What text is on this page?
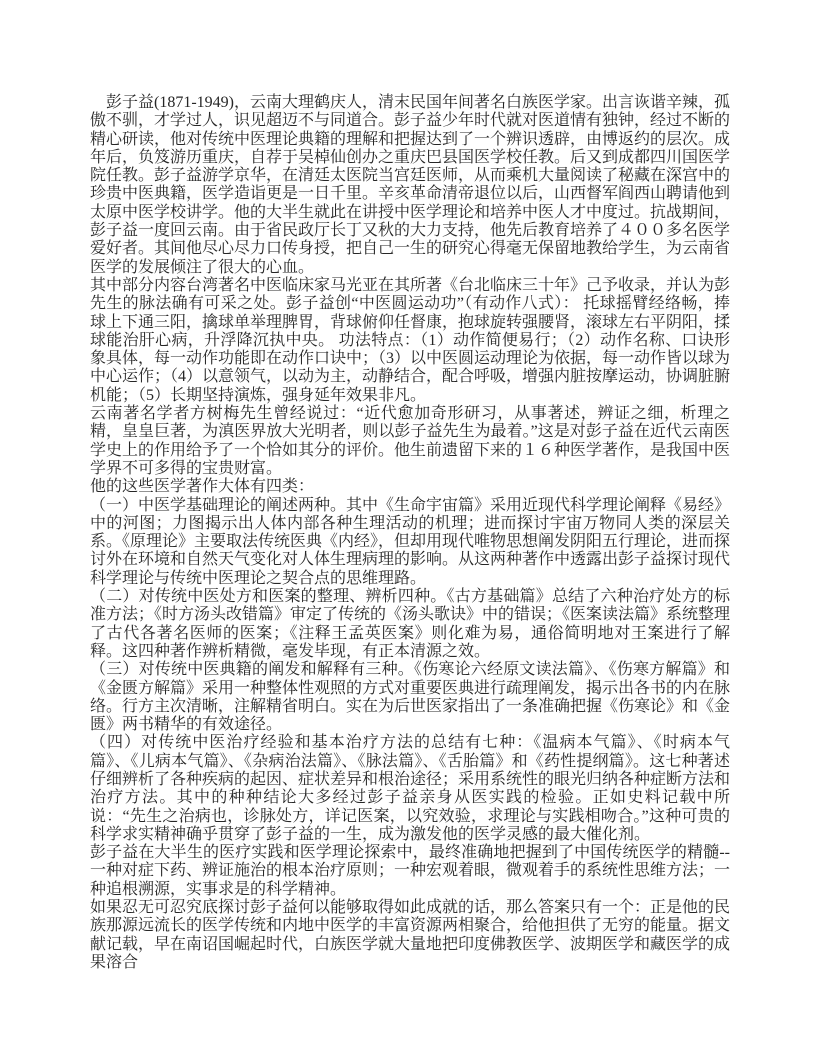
　彭子益(1871-1949)，云南大理鹤庆人，清末民国年间著名白族医学家。出言诙谐辛辣，孤傲不驯，才学过人，识见超迈不与同道合。彭子益少年时代就对医道情有独钟，经过不断的精心研读，他对传统中医理论典籍的理解和把握达到了一个辨识透辟，由博返约的层次。成年后，负笈游历重庆，自荐于吴棹仙创办之重庆巴县国医学校任教。后又到成都四川国医学院任教。彭子益游学京华，在清廷太医院当宫廷医师，从而乘机大量阅读了秘藏在深宫中的珍贵中医典籍，医学造诣更是一日千里。辛亥革命清帝退位以后，山西督军阎西山聘请他到太原中医学校讲学。他的大半生就此在讲授中医学理论和培养中医人才中度过。抗战期间，彭子益一度回云南。由于省民政厅长丁又秋的大力支持，他先后教育培养了４００多名医学爱好者。其间他尽心尽力口传身授，把自己一生的研究心得毫无保留地教给学生，为云南省医学的发展倾注了很大的心血。

其中部分内容台湾著名中医临床家马光亚在其所著《台北临床三十年》己予收录，并认为彭先生的脉法确有可采之处。彭子益创“中医圆运动功”（有动作八式）： 托球摇臂经络畅，捧球上下通三阳，擒球单举理脾胃，背球俯仰任督康，抱球旋转强腰肾，滚球左右平阴阳，揉球能治肝心病，升浮降沉执中央。 功法特点：（1）动作简便易行；（2）动作名称、口诀形象具体，每一动作功能即在动作口诀中；（3）以中医圆运动理论为依据，每一动作皆以球为中心运作；（4）以意领气，以动为主，动静结合，配合呼吸，增强内脏按摩运动，协调脏腑机能；（5）长期坚持演炼，强身延年效果非凡。

云南著名学者方树梅先生曾经说过：“近代愈加奇形研习，从事著述，辨证之细，析理之精，皇皇巨著，为滇医界放大光明者，则以彭子益先生为最着。”这是对彭子益在近代云南医学史上的作用给予了一个恰如其分的评价。他生前遗留下来的１６种医学著作，是我国中医学界不可多得的宝贵财富。

他的这些医学著作大体有四类：

（一）中医学基础理论的阐述两种。其中《生命宇宙篇》采用近现代科学理论阐释《易经》中的河图；力图揭示出人体内部各种生理活动的机理；进而探讨宇宙万物同人类的深层关系。《原理论》主要取法传统医典《内经》，但却用现代唯物思想阐发阴阳五行理论，进而探讨外在环境和自然天气变化对人体生理病理的影响。从这两种著作中透露出彭子益探讨现代科学理论与传统中医理论之契合点的思维理路。

（二）对传统中医处方和医案的整理、辨析四种。《古方基础篇》总结了六种治疗处方的标准方法；《时方汤头改错篇》审定了传统的《汤头歌诀》中的错误；《医案读法篇》系统整理了古代各著名医师的医案；《注释王孟英医案》则化难为易，通俗简明地对王案进行了解释。这四种著作辨析精微，毫发毕现，有正本清源之效。

（三）对传统中医典籍的阐发和解释有三种。《伤寒论六经原文读法篇》、《伤寒方解篇》和《金匮方解篇》采用一种整体性观照的方式对重要医典进行疏理阐发，揭示出各书的内在脉络。行方主次清晰，注解精省明白。实在为后世医家指出了一条准确把握《伤寒论》和《金匮》两书精华的有效途径。

（四）对传统中医治疗经验和基本治疗方法的总结有七种：《温病本气篇》、《时病本气篇》、《儿病本气篇》、《杂病治法篇》、《脉法篇》、《舌胎篇》和《药性提纲篇》。这七种著述仔细辨析了各种疾病的起因、症状差异和根治途径；采用系统性的眼光归纳各种症断方法和治疗方法。其中的种种结论大多经过彭子益亲身从医实践的检验。正如史料记载中所说：“先生之治病也，诊脉处方，详记医案，以究效验，求理论与实践相吻合。”这种可贵的科学求实精神确乎贯穿了彭子益的一生，成为激发他的医学灵感的最大催化剂。

彭子益在大半生的医疗实践和医学理论探索中，最终准确地把握到了中国传统医学的精髓--一种对症下药、辨证施治的根本治疗原则；一种宏观着眼，微观着手的系统性思维方法；一种追根溯源，实事求是的科学精神。

如果忍无可忍究底探讨彭子益何以能够取得如此成就的话，那么答案只有一个：正是他的民族那源远流长的医学传统和内地中医学的丰富资源两相聚合，给他担供了无穷的能量。据文献记载，早在南诏国崛起时代，白族医学就大量地把印度佛教医学、波期医学和藏医学的成果溶合
